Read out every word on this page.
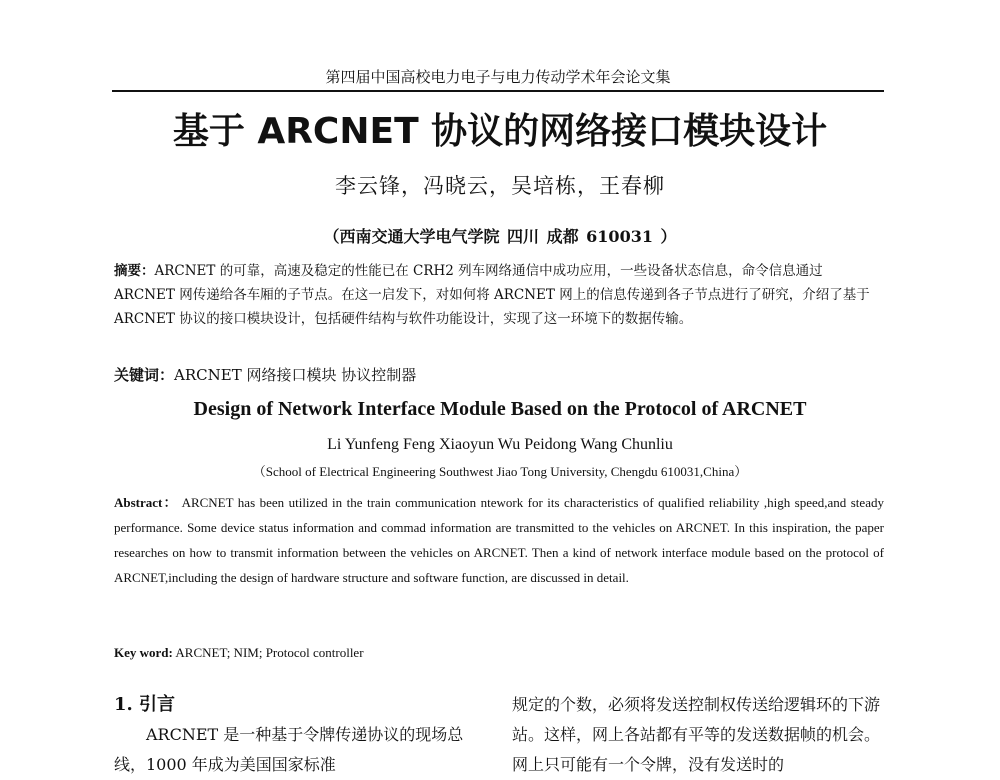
第四届中国高校电力电子与电力传动学术年会论文集
基于 ARCNET 协议的网络接口模块设计
李云锋，冯晓云，吴培栋，王春柳
（西南交通大学电气学院 四川 成都 610031 ）

摘要：ARCNET 的可靠，高速及稳定的性能已在 CRH2 列车网络通信中成功应用，一些设备状态信息，命令信息通过 ARCNET 网传递给各车厢的子节点。在这一启发下，对如何将 ARCNET 网上的信息传递到各子节点进行了研究，介绍了基于 ARCNET 协议的接口模块设计，包括硬件结构与软件功能设计，实现了这一环境下的数据传输。

关键词：ARCNET 网络接口模块 协议控制器

Design of Network Interface Module Based on the Protocol of ARCNET
Li Yunfeng Feng Xiaoyun Wu Peidong Wang Chunliu
（School of Electrical Engineering Southwest Jiao Tong University, Chengdu 610031,China）

Abstract： ARCNET has been utilized in the train communication ntework for its characteristics of qualified reliability ,high speed,and steady performance. Some device status information and commad information are transmitted to the vehicles on ARCNET. In this inspiration, the paper researches on how to transmit information between the vehicles on ARCNET. Then a kind of network interface module based on the protocol of ARCNET,including the design of hardware structure and software function, are discussed in detail.

Key word: ARCNET; NIM; Protocol controller

1. 引言
ARCNET 是一种基于令牌传递协议的现场总线，1000 年成为美国国家标准
规定的个数，必须将发送控制权传送给逻辑环的下游站。这样，网上各站都有平等的发送数据帧的机会。网上只可能有一个令牌，没有发送时的
